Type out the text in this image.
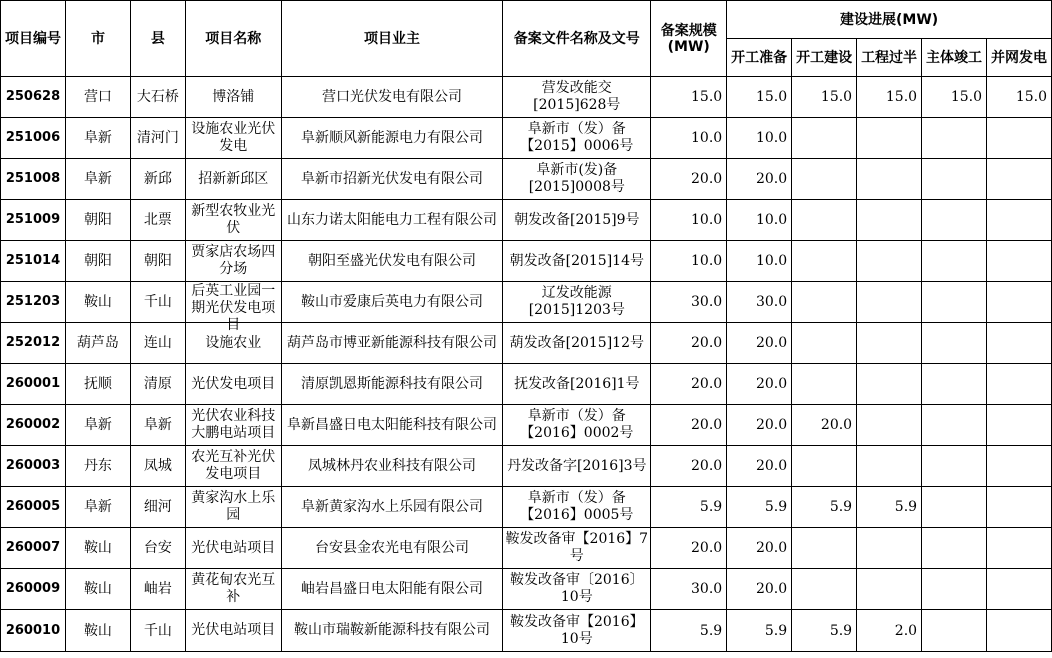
项目编号	市	县	项目名称	项目业主	备案文件名称及文号	备案规模(MW)	建设进展(MW)				
							开工准备	开工建设	工程过半	主体竣工	并网发电
250628	营口	大石桥	博洛铺	营口光伏发电有限公司	营发改能交[2015]628号	15.0	15.0	15.0	15.0	15.0	15.0
251006	阜新	清河门	设施农业光伏发电	阜新顺风新能源电力有限公司	阜新市（发）备【2015】0006号	10.0	10.0				
251008	阜新	新邱	招新新邱区	阜新市招新光伏发电有限公司	阜新市(发)备[2015]0008号	20.0	20.0				
251009	朝阳	北票	新型农牧业光伏	山东力诺太阳能电力工程有限公司	朝发改备[2015]9号	10.0	10.0				
251014	朝阳	朝阳	贾家店农场四分场	朝阳至盛光伏发电有限公司	朝发改备[2015]14号	10.0	10.0				
251203	鞍山	千山	后英工业园一期光伏发电项目	鞍山市爱康后英电力有限公司	辽发改能源[2015]1203号	30.0	30.0				
252012	葫芦岛	连山	设施农业	葫芦岛市博亚新能源科技有限公司	葫发改备[2015]12号	20.0	20.0				
260001	抚顺	清原	光伏发电项目	清原凯恩斯能源科技有限公司	抚发改备[2016]1号	20.0	20.0				
260002	阜新	阜新	光伏农业科技大鹏电站项目	阜新昌盛日电太阳能科技有限公司	阜新市（发）备【2016】0002号	20.0	20.0	20.0			
260003	丹东	凤城	农光互补光伏发电项目	凤城林丹农业科技有限公司	丹发改备字[2016]3号	20.0	20.0				
260005	阜新	细河	黄家沟水上乐园	阜新黄家沟水上乐园有限公司	阜新市（发）备【2016】0005号	5.9	5.9	5.9	5.9		
260007	鞍山	台安	光伏电站项目	台安县金农光电有限公司	鞍发改备审【2016】7号	20.0	20.0				
260009	鞍山	岫岩	黄花甸农光互补	岫岩昌盛日电太阳能有限公司	鞍发改备审〔2016〕10号	30.0	20.0				
260010	鞍山	千山	光伏电站项目	鞍山市瑞鞍新能源科技有限公司	鞍发改备审【2016】10号	5.9	5.9	5.9	2.0		
